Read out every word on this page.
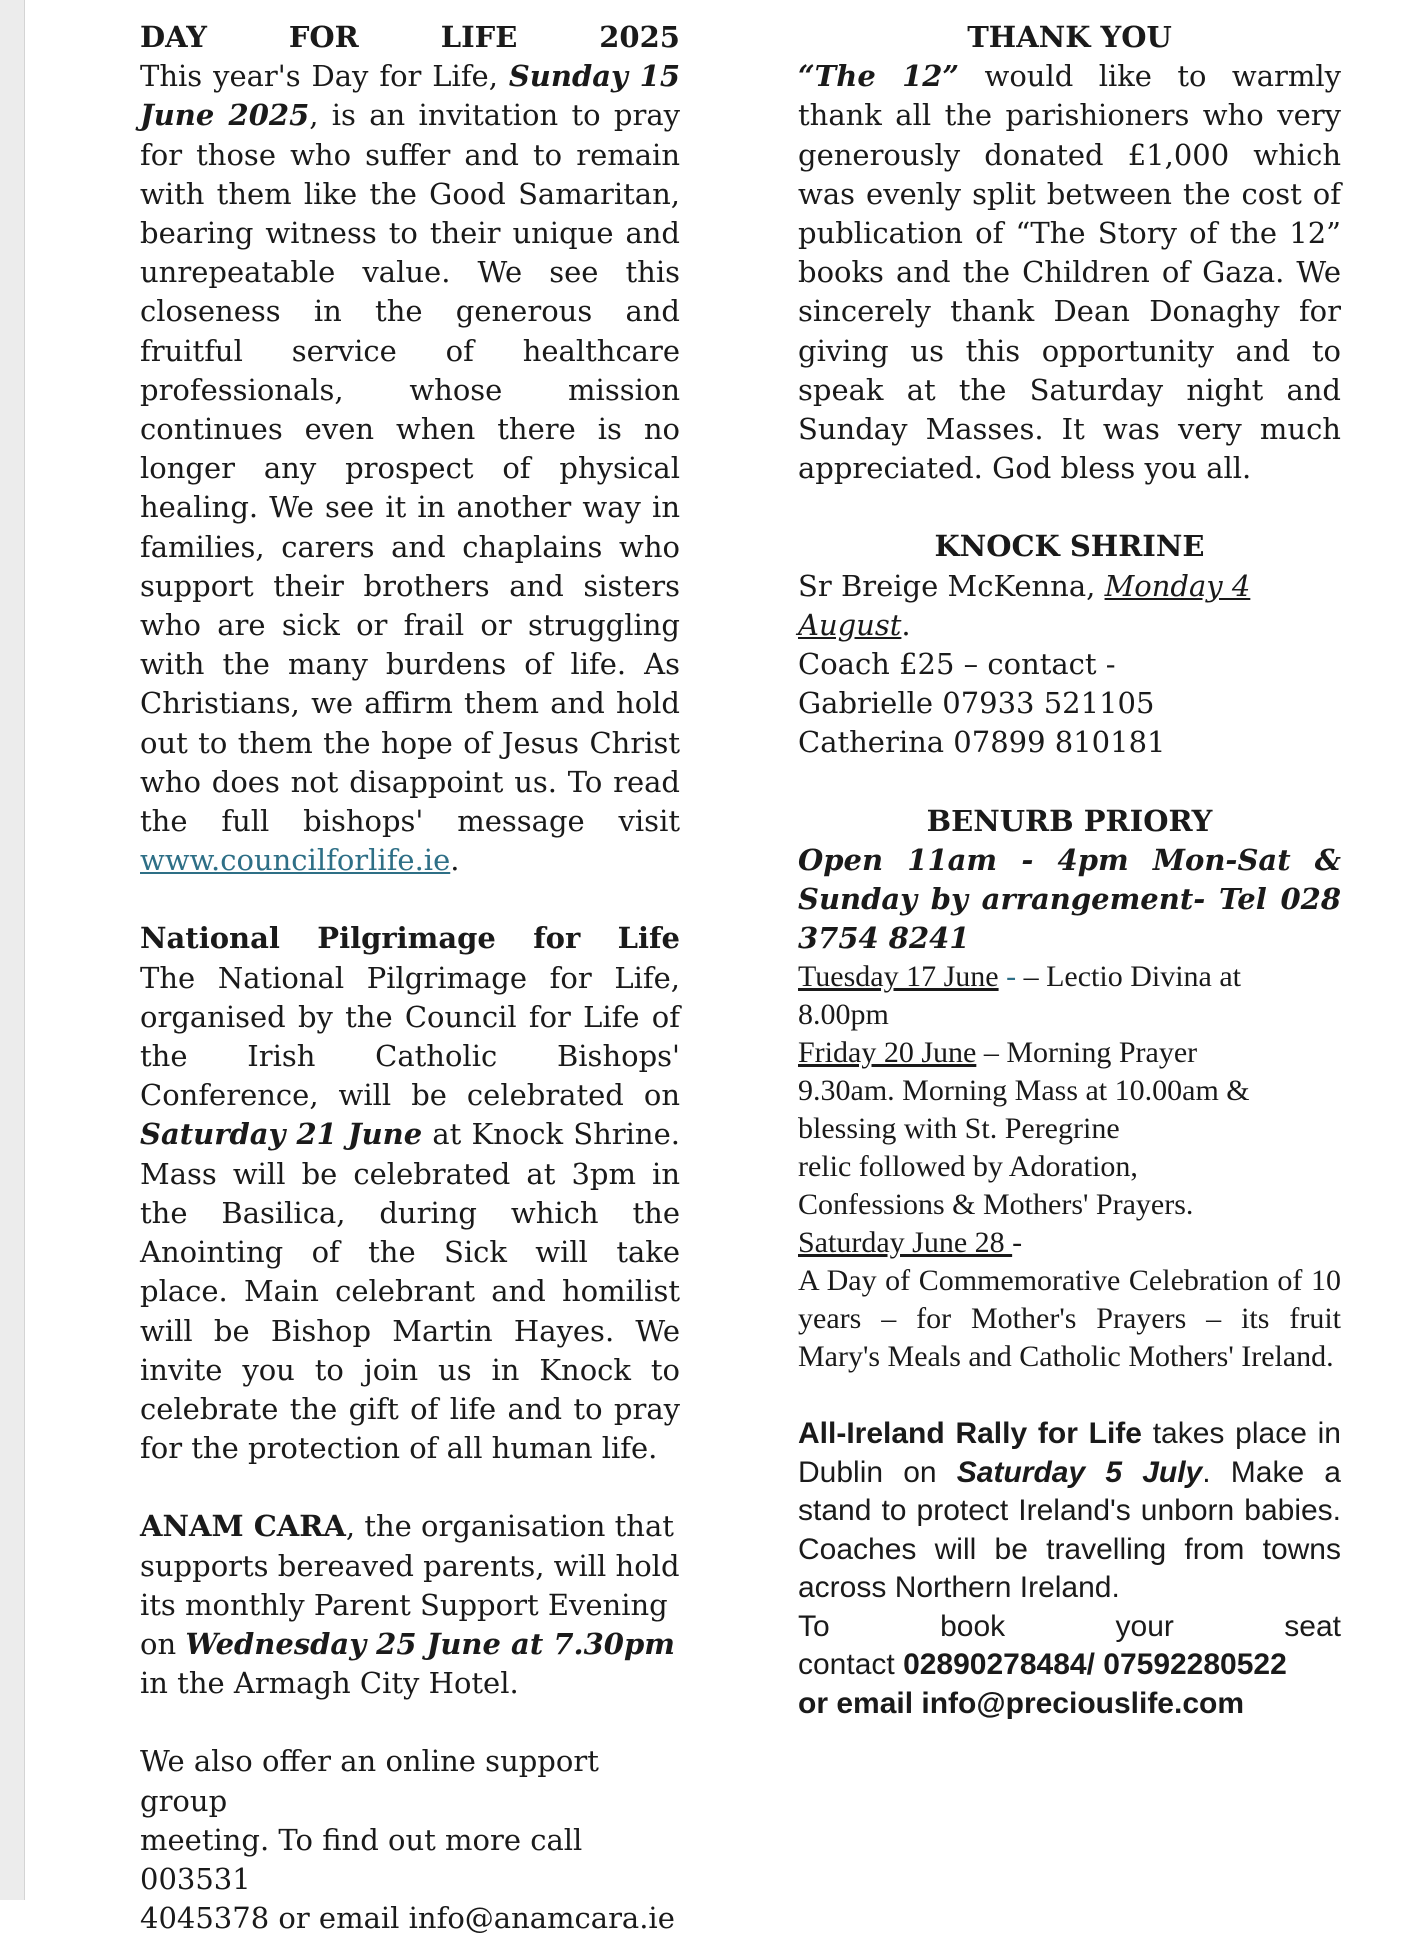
DAY	FOR	LIFE	2025

This year's Day for Life, Sunday 15 June 2025, is an invitation to pray for those who suffer and to remain with them like the Good Samaritan, bearing witness to their unique and unrepeatable value. We see this closeness in the generous and fruitful service of healthcare professionals, whose mission continues even when there is no longer any prospect of physical healing. We see it in another way in families, carers and chaplains who support their brothers and sisters who are sick or frail or struggling with the many burdens of life. As Christians, we affirm them and hold out to them the hope of Jesus Christ who does not disappoint us. To read the full bishops' message visit www.councilforlife.ie.

National Pilgrimage for Life

The National Pilgrimage for Life, organised by the Council for Life of the Irish Catholic Bishops' Conference, will be celebrated on Saturday 21 June at Knock Shrine. Mass will be celebrated at 3pm in the Basilica, during which the Anointing of the Sick will take place. Main celebrant and homilist will be Bishop Martin Hayes. We invite you to join us in Knock to celebrate the gift of life and to pray for the protection of all human life.

ANAM CARA, the organisation that

supports bereaved parents, will hold

its monthly Parent Support Evening

on Wednesday 25 June at 7.30pm

in the Armagh City Hotel.

We also offer an online support group

meeting. To find out more call 003531

4045378 or email info@anamcara.ie

THANK YOU

“The 12” would like to warmly thank all the parishioners who very generously donated £1,000 which was evenly split between the cost of publication of “The Story of the 12” books and the Children of Gaza. We sincerely thank Dean Donaghy for giving us this opportunity and to speak at the Saturday night and Sunday Masses. It was very much appreciated. God bless you all.

KNOCK SHRINE

Sr Breige McKenna, Monday 4 August.

Coach £25 – contact -

Gabrielle 07933 521105

Catherina 07899 810181

BENURB PRIORY

Open 11am - 4pm Mon-Sat & Sunday by arrangement- Tel 028 3754 8241

Tuesday 17 June - – Lectio Divina at

8.00pm

Friday 20 June – Morning Prayer

9.30am. Morning Mass at 10.00am &

blessing with St. Peregrine

relic followed by Adoration,

Confessions & Mothers' Prayers.

Saturday June 28 -

A Day of Commemorative Celebration of 10 years – for Mother's Prayers – its fruit Mary's Meals and Catholic Mothers' Ireland.

All-Ireland Rally for Life takes place in Dublin on Saturday 5 July. Make a stand to protect Ireland's unborn babies. Coaches will be travelling from towns across Northern Ireland.

To	book	your	seat

contact 02890278484/ 07592280522

or email info@preciouslife.com
